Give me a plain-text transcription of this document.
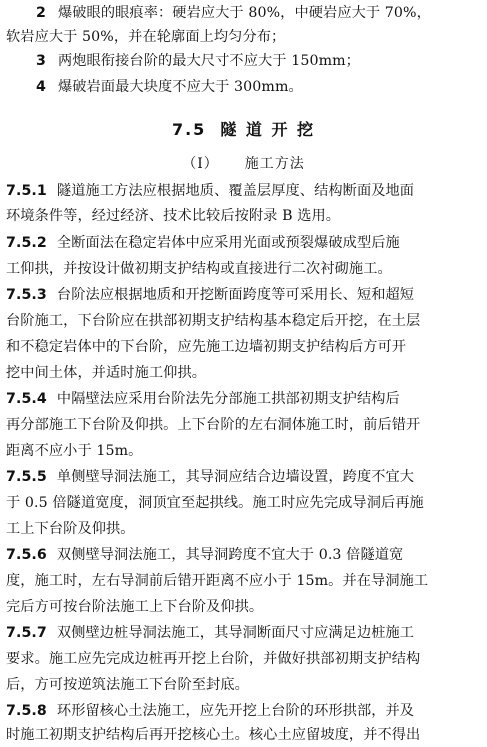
2 爆破眼的眼痕率：硬岩应大于 80%，中硬岩应大于 70%，
软岩应大于 50%，并在轮廓面上均匀分布；
3 两炮眼衔接台阶的最大尺寸不应大于 150mm；
4 爆破岩面最大块度不应大于 300mm。
7.5 隧 道 开 挖
（Ⅰ） 施工方法
7.5.1 隧道施工方法应根据地质、覆盖层厚度、结构断面及地面
环境条件等，经过经济、技术比较后按附录 B 选用。
7.5.2 全断面法在稳定岩体中应采用光面或预裂爆破成型后施
工仰拱，并按设计做初期支护结构或直接进行二次衬砌施工。
7.5.3 台阶法应根据地质和开挖断面跨度等可采用长、短和超短
台阶施工，下台阶应在拱部初期支护结构基本稳定后开挖，在土层
和不稳定岩体中的下台阶，应先施工边墙初期支护结构后方可开
挖中间土体，并适时施工仰拱。
7.5.4 中隔壁法应采用台阶法先分部施工拱部初期支护结构后
再分部施工下台阶及仰拱。上下台阶的左右洞体施工时，前后错开
距离不应小于 15m。
7.5.5 单侧壁导洞法施工，其导洞应结合边墙设置，跨度不宜大
于 0.5 倍隧道宽度，洞顶宜至起拱线。施工时应先完成导洞后再施
工上下台阶及仰拱。
7.5.6 双侧壁导洞法施工，其导洞跨度不宜大于 0.3 倍隧道宽
度，施工时，左右导洞前后错开距离不应小于 15m。并在导洞施工
完后方可按台阶法施工上下台阶及仰拱。
7.5.7 双侧壁边桩导洞法施工，其导洞断面尺寸应满足边桩施工
要求。施工应先完成边桩再开挖上台阶，并做好拱部初期支护结构
后，方可按逆筑法施工下台阶至封底。
7.5.8 环形留核心土法施工，应先开挖上台阶的环形拱部，并及
时施工初期支护结构后再开挖核心土。核心土应留坡度，并不得出
